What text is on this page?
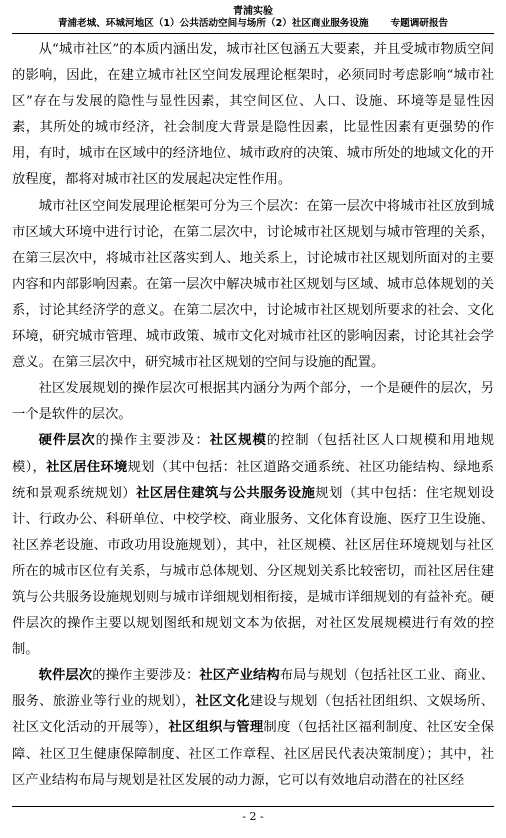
青浦实验
青浦老城、环城河地区（1）公共活动空间与场所（2）社区商业服务设施 专题调研报告

从“城市社区”的本质内涵出发，城市社区包涵五大要素，并且受城市物质空间的影响，因此，在建立城市社区空间发展理论框架时，必须同时考虑影响“城市社区”存在与发展的隐性与显性因素，其空间区位、人口、设施、环境等是显性因素，其所处的城市经济，社会制度大背景是隐性因素，比显性因素有更强势的作用，有时，城市在区域中的经济地位、城市政府的决策、城市所处的地域文化的开放程度，都将对城市社区的发展起决定性作用。

城市社区空间发展理论框架可分为三个层次：在第一层次中将城市社区放到城市区域大环境中进行讨论，在第二层次中，讨论城市社区规划与城市管理的关系，在第三层次中，将城市社区落实到人、地关系上，讨论城市社区规划所面对的主要内容和内部影响因素。在第一层次中解决城市社区规划与区域、城市总体规划的关系，讨论其经济学的意义。在第二层次中，讨论城市社区规划所要求的社会、文化环境，研究城市管理、城市政策、城市文化对城市社区的影响因素，讨论其社会学意义。在第三层次中，研究城市社区规划的空间与设施的配置。

社区发展规划的操作层次可根据其内涵分为两个部分，一个是硬件的层次，另一个是软件的层次。

硬件层次的操作主要涉及：社区规模的控制（包括社区人口规模和用地规模），社区居住环境规划（其中包括：社区道路交通系统、社区功能结构、绿地系统和景观系统规划）社区居住建筑与公共服务设施规划（其中包括：住宅规划设计、行政办公、科研单位、中校学校、商业服务、文化体育设施、医疗卫生设施、社区养老设施、市政功用设施规划），其中，社区规模、社区居住环境规划与社区所在的城市区位有关系，与城市总体规划、分区规划关系比较密切，而社区居住建筑与公共服务设施规划则与城市详细规划相衔接，是城市详细规划的有益补充。硬件层次的操作主要以规划图纸和规划文本为依据，对社区发展规模进行有效的控制。

软件层次的操作主要涉及：社区产业结构布局与规划（包括社区工业、商业、服务、旅游业等行业的规划），社区文化建设与规划（包括社团组织、文娱场所、社区文化活动的开展等），社区组织与管理制度（包括社区福利制度、社区安全保障、社区卫生健康保障制度、社区工作章程、社区居民代表决策制度）；其中，社区产业结构布局与规划是社区发展的动力源，它可以有效地启动潜在的社区经

- 2 -
